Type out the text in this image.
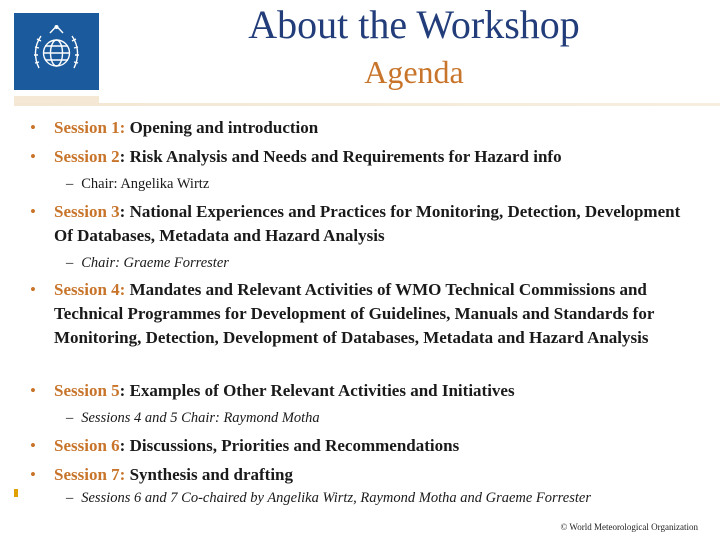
About the Workshop
Agenda
• Session 1: Opening and introduction
• Session 2: Risk Analysis and Needs and Requirements for Hazard info
– Chair: Angelika Wirtz
• Session 3: National Experiences and Practices for Monitoring, Detection, Development Of Databases, Metadata and Hazard Analysis
– Chair: Graeme Forrester
• Session 4: Mandates and Relevant Activities of WMO Technical Commissions and Technical Programmes for Development of Guidelines, Manuals and Standards for Monitoring, Detection, Development of Databases, Metadata and Hazard Analysis
• Session 5: Examples of Other Relevant Activities and Initiatives
– Sessions 4 and 5 Chair: Raymond Motha
• Session 6: Discussions, Priorities and Recommendations
• Session 7: Synthesis and drafting
– Sessions 6 and 7 Co-chaired by Angelika Wirtz, Raymond Motha and Graeme Forrester
© World Meteorological Organization
